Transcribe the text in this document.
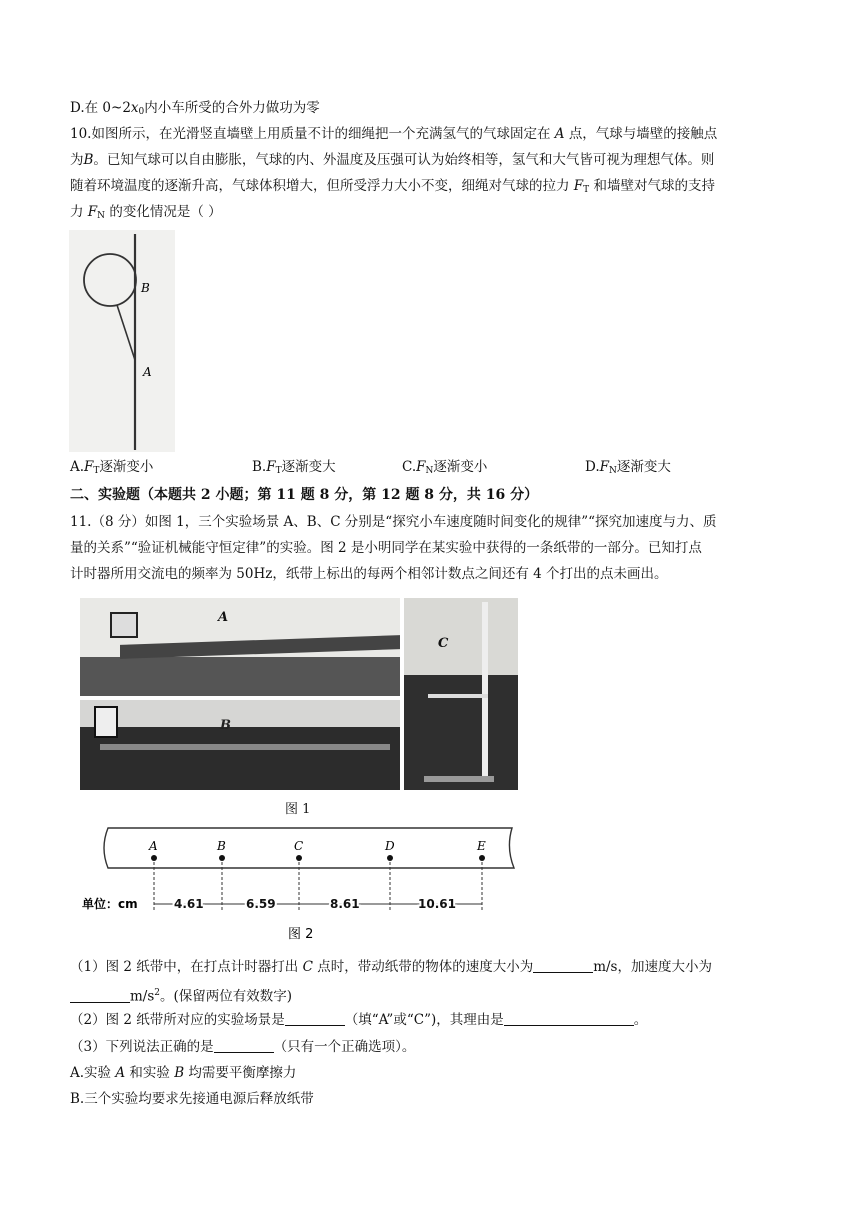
D.在 $0\sim 2x_0$内小车所受的合外力做功为零
10.如图所示，在光滑竖直墙壁上用质量不计的细绳把一个充满氢气的气球固定在 A 点，气球与墙壁的接触点
为B。已知气球可以自由膨胀，气球的内、外温度及压强可认为始终相等，氢气和大气皆可视为理想气体。则
随着环境温度的逐渐升高，气球体积增大，但所受浮力大小不变，细绳对气球的拉力 $F_T$ 和墙壁对气球的支持
力 $F_N$ 的变化情况是（ ）
B
A
$A.F_T$逐渐变小	$B.F_T$逐渐变大	$C.F_N$逐渐变小	$D.F_N$逐渐变大
二、实验题（本题共 2 小题；第 11 题 8 分，第 12 题 8 分，共 16 分）
11.（8 分）如图 1，三个实验场景 A、B、C 分别是“探究小车速度随时间变化的规律”“探究加速度与力、质
量的关系”“验证机械能守恒定律”的实验。图 2 是小明同学在某实验中获得的一条纸带的一部分。已知打点
计时器所用交流电的频率为 50Hz，纸带上标出的每两个相邻计数点之间还有 4 个打出的点未画出。
A
B
C
图 1
A	B	C	D	E
单位：cm	4.61	6.59	8.61	10.61
图 2
（1）图 2 纸带中，在打点计时器打出 C 点时，带动纸带的物体的速度大小为	m/s，加速度大小为
$m/s^2$。(保留两位有效数字)
（2）图 2 纸带所对应的实验场景是	（填“A”或“C”)，其理由是	。
（3）下列说法正确的是	（只有一个正确选项）。
A.实验 A 和实验 B 均需要平衡摩擦力
B.三个实验均要求先接通电源后释放纸带
